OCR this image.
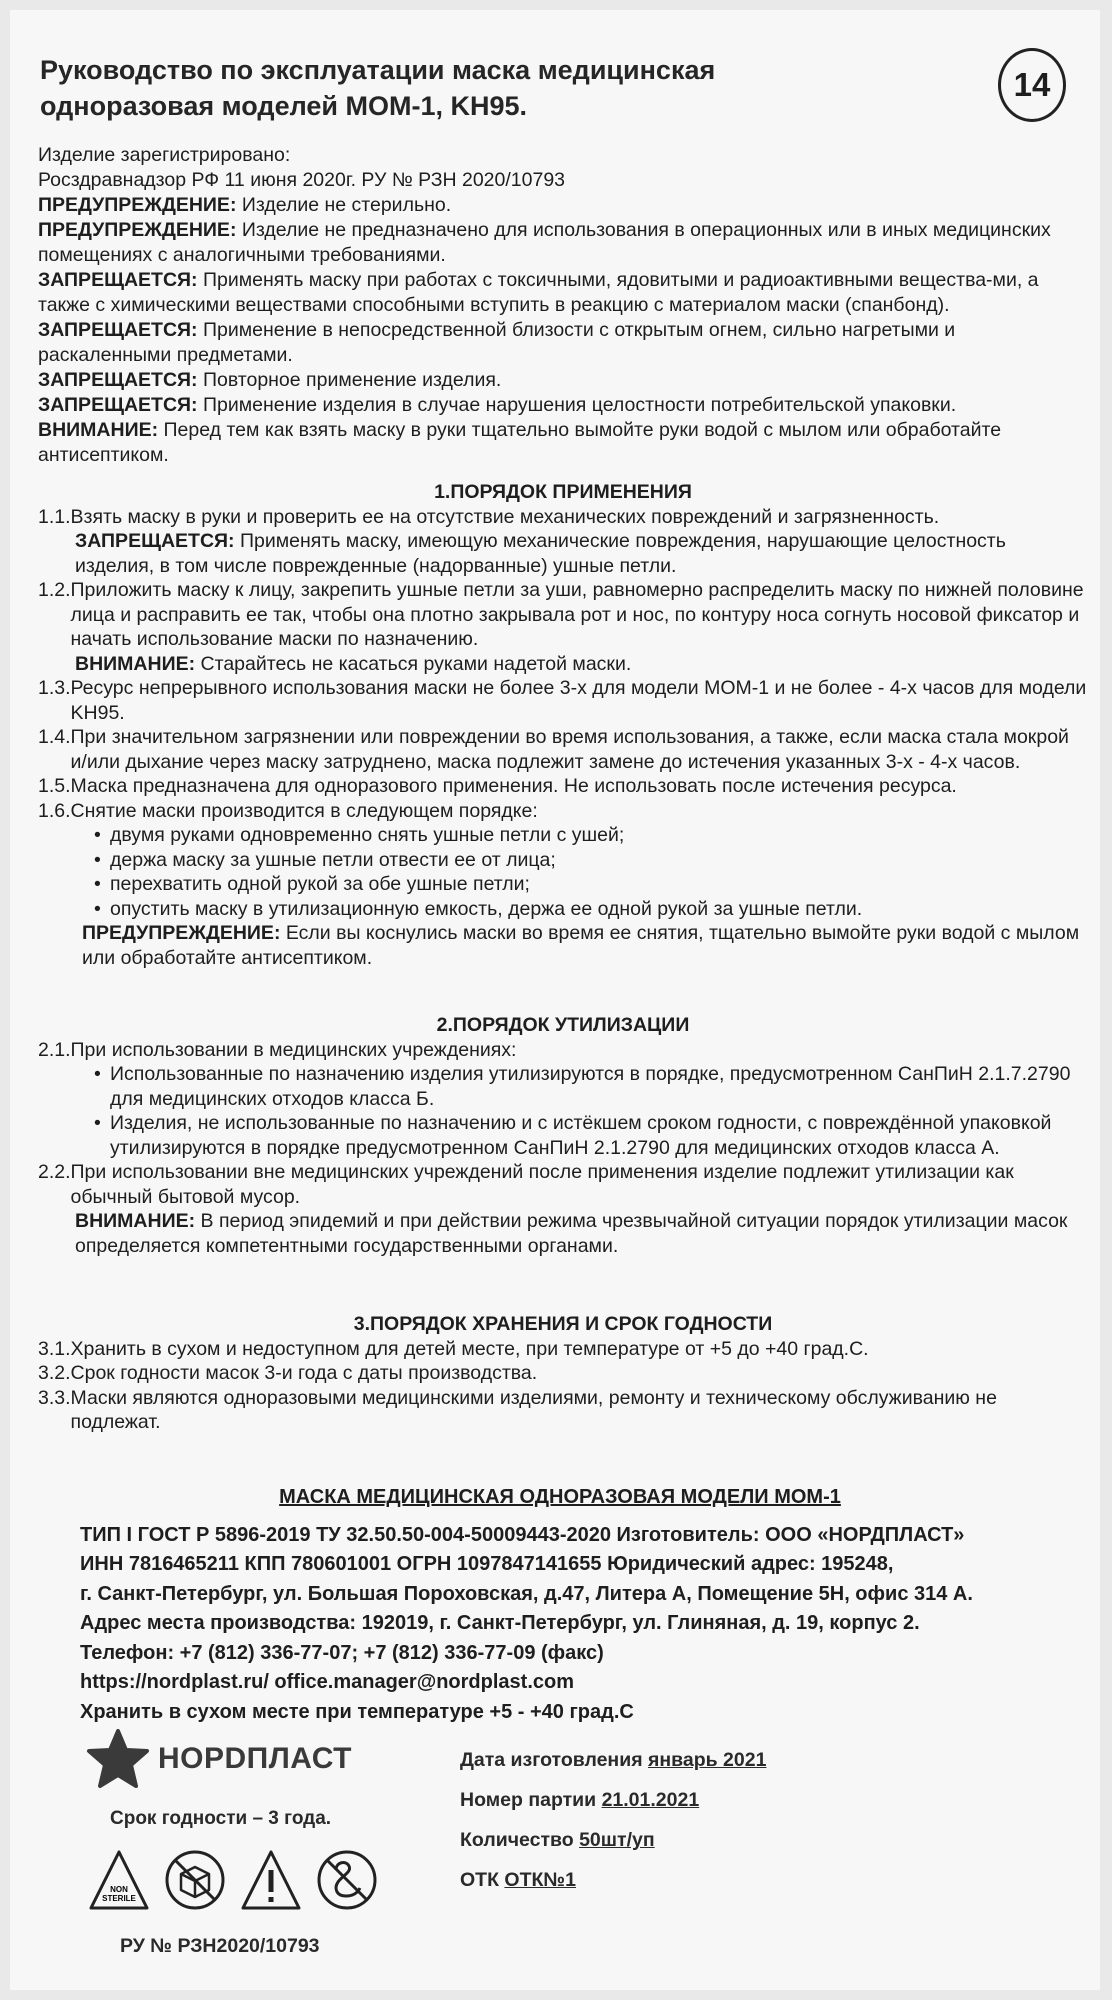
Руководство по эксплуатации маска медицинская
одноразовая моделей МОМ-1, KH95.
14

Изделие зарегистрировано:

Росздравнадзор РФ 11 июня 2020г. РУ № РЗН 2020/10793

ПРЕДУПРЕЖДЕНИЕ: Изделие не стерильно.

ПРЕДУПРЕЖДЕНИЕ: Изделие не предназначено для использования в операционных или в иных медицинских помещениях с аналогичными требованиями.

ЗАПРЕЩАЕТСЯ: Применять маску при работах с токсичными, ядовитыми и радиоактивными вещества-ми, а также с химическими веществами способными вступить в реакцию с материалом маски (спанбонд).

ЗАПРЕЩАЕТСЯ: Применение в непосредственной близости с открытым огнем, сильно нагретыми и раскаленными предметами.

ЗАПРЕЩАЕТСЯ: Повторное применение изделия.

ЗАПРЕЩАЕТСЯ: Применение изделия в случае нарушения целостности потребительской упаковки.

ВНИМАНИЕ: Перед тем как взять маску в руки тщательно вымойте руки водой с мылом или обработайте антисептиком.

1.ПОРЯДОК ПРИМЕНЕНИЯ

1.1. Взять маску в руки и проверить ее на отсутствие механических повреждений и загрязненность.

ЗАПРЕЩАЕТСЯ: Применять маску, имеющую механические повреждения, нарушающие целостность изделия, в том числе поврежденные (надорванные) ушные петли.

1.2. Приложить маску к лицу, закрепить ушные петли за уши, равномерно распределить маску по нижней половине лица и расправить ее так, чтобы она плотно закрывала рот и нос, по контуру носа согнуть носовой фиксатор и начать использование маски по назначению.

ВНИМАНИЕ: Старайтесь не касаться руками надетой маски.

1.3. Ресурс непрерывного использования маски не более 3-х для модели МОМ-1 и не более - 4-х часов для модели KH95.
1.4. При значительном загрязнении или повреждении во время использования, а также, если маска стала мокрой и/или дыхание через маску затруднено, маска подлежит замене до истечения указанных 3-х - 4-х часов.
1.5. Маска предназначена для одноразового применения. Не использовать после истечения ресурса.
1.6. Снятие маски производится в следующем порядке:
• двумя руками одновременно снять ушные петли с ушей;
• держа маску за ушные петли отвести ее от лица;
• перехватить одной рукой за обе ушные петли;
• опустить маску в утилизационную емкость, держа ее одной рукой за ушные петли.

ПРЕДУПРЕЖДЕНИЕ: Если вы коснулись маски во время ее снятия, тщательно вымойте руки водой с мылом или обработайте антисептиком.

2.ПОРЯДОК УТИЛИЗАЦИИ

2.1. При использовании в медицинских учреждениях:
• Использованные по назначению изделия утилизируются в порядке, предусмотренном СанПиН 2.1.7.2790 для медицинских отходов класса Б.
• Изделия, не использованные по назначению и с истёкшем сроком годности, с повреждённой упаковкой утилизируются в порядке предусмотренном СанПиН 2.1.2790 для медицинских отходов класса А.
2.2. При использовании вне медицинских учреждений после применения изделие подлежит утилизации как обычный бытовой мусор.

ВНИМАНИЕ: В период эпидемий и при действии режима чрезвычайной ситуации порядок утилизации масок определяется компетентными государственными органами.

3.ПОРЯДОК ХРАНЕНИЯ И СРОК ГОДНОСТИ

3.1. Хранить в сухом и недоступном для детей месте, при температуре от +5 до +40 град.С.
3.2. Срок годности масок 3-и года с даты производства.
3.3. Маски являются одноразовыми медицинскими изделиями, ремонту и техническому обслуживанию не подлежат.

МАСКА МЕДИЦИНСКАЯ ОДНОРАЗОВАЯ МОДЕЛИ МОМ-1

ТИП I ГОСТ Р 5896-2019 ТУ 32.50.50-004-50009443-2020 Изготовитель: ООО «НОРДПЛАСТ»

ИНН 7816465211 КПП 780601001 ОГРН 1097847141655 Юридический адрес: 195248,

г. Санкт-Петербург, ул. Большая Пороховская, д.47, Литера А, Помещение 5Н, офис 314 А.

Адрес места производства: 192019, г. Санкт-Петербург, ул. Глиняная, д. 19, корпус 2.

Телефон: +7 (812) 336-77-07; +7 (812) 336-77-09 (факс)

https://nordplast.ru/ office.manager@nordplast.com

Хранить в сухом месте при температуре +5 - +40 град.С

НОРDПЛАСТ
Срок годности – 3 года.
NON
STERILE
РУ № РЗН2020/10793

Дата изготовления январь 2021

Номер партии 21.01.2021

Количество 50шт/уп

ОТК ОТК№1
